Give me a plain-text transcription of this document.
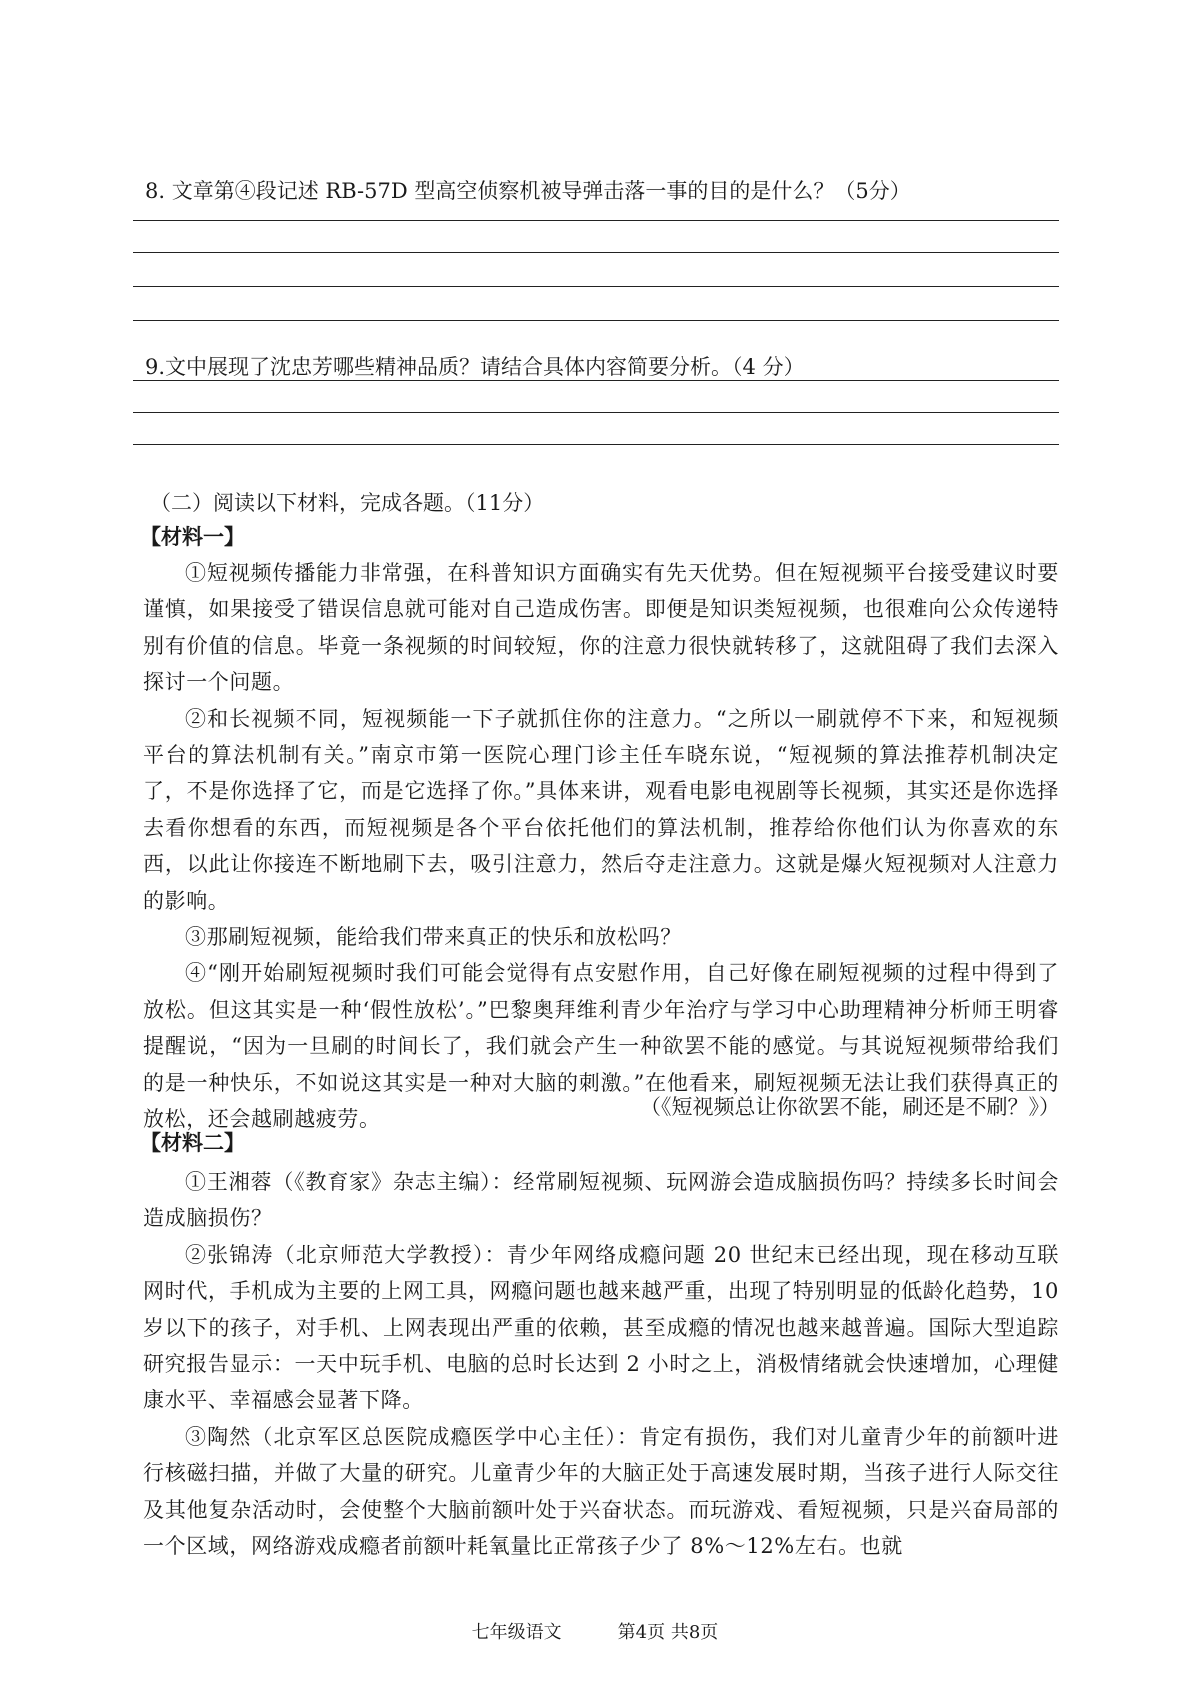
8. 文章第④段记述 RB-57D 型高空侦察机被导弹击落一事的目的是什么？（5分）
9.文中展现了沈忠芳哪些精神品质？请结合具体内容简要分析。（4 分）
（二）阅读以下材料，完成各题。（11分）
【材料一】

①短视频传播能力非常强，在科普知识方面确实有先天优势。但在短视频平台接受建议时要谨慎，如果接受了错误信息就可能对自己造成伤害。即便是知识类短视频，也很难向公众传递特别有价值的信息。毕竟一条视频的时间较短，你的注意力很快就转移了，这就阻碍了我们去深入探讨一个问题。

②和长视频不同，短视频能一下子就抓住你的注意力。“之所以一刷就停不下来，和短视频平台的算法机制有关。”南京市第一医院心理门诊主任车晓东说，“短视频的算法推荐机制决定了，不是你选择了它，而是它选择了你。”具体来讲，观看电影电视剧等长视频，其实还是你选择去看你想看的东西，而短视频是各个平台依托他们的算法机制，推荐给你他们认为你喜欢的东西，以此让你接连不断地刷下去，吸引注意力，然后夺走注意力。这就是爆火短视频对人注意力的影响。

③那刷短视频，能给我们带来真正的快乐和放松吗？

④“刚开始刷短视频时我们可能会觉得有点安慰作用，自己好像在刷短视频的过程中得到了放松。但这其实是一种‘假性放松’。”巴黎奥拜维利青少年治疗与学习中心助理精神分析师王明睿提醒说，“因为一旦刷的时间长了，我们就会产生一种欲罢不能的感觉。与其说短视频带给我们的是一种快乐，不如说这其实是一种对大脑的刺激。”在他看来，刷短视频无法让我们获得真正的放松，还会越刷越疲劳。

（《短视频总让你欲罢不能，刷还是不刷？》）
【材料二】

①王湘蓉（《教育家》杂志主编）：经常刷短视频、玩网游会造成脑损伤吗？持续多长时间会造成脑损伤？

②张锦涛（北京师范大学教授）：青少年网络成瘾问题 20 世纪末已经出现，现在移动互联网时代，手机成为主要的上网工具，网瘾问题也越来越严重，出现了特别明显的低龄化趋势，10 岁以下的孩子，对手机、上网表现出严重的依赖，甚至成瘾的情况也越来越普遍。国际大型追踪研究报告显示：一天中玩手机、电脑的总时长达到 2 小时之上，消极情绪就会快速增加，心理健康水平、幸福感会显著下降。

③陶然（北京军区总医院成瘾医学中心主任）：肯定有损伤，我们对儿童青少年的前额叶进行核磁扫描，并做了大量的研究。儿童青少年的大脑正处于高速发展时期，当孩子进行人际交往及其他复杂活动时，会使整个大脑前额叶处于兴奋状态。而玩游戏、看短视频，只是兴奋局部的一个区域，网络游戏成瘾者前额叶耗氧量比正常孩子少了 8%～12%左右。也就

七年级语文	第4页 共8页
